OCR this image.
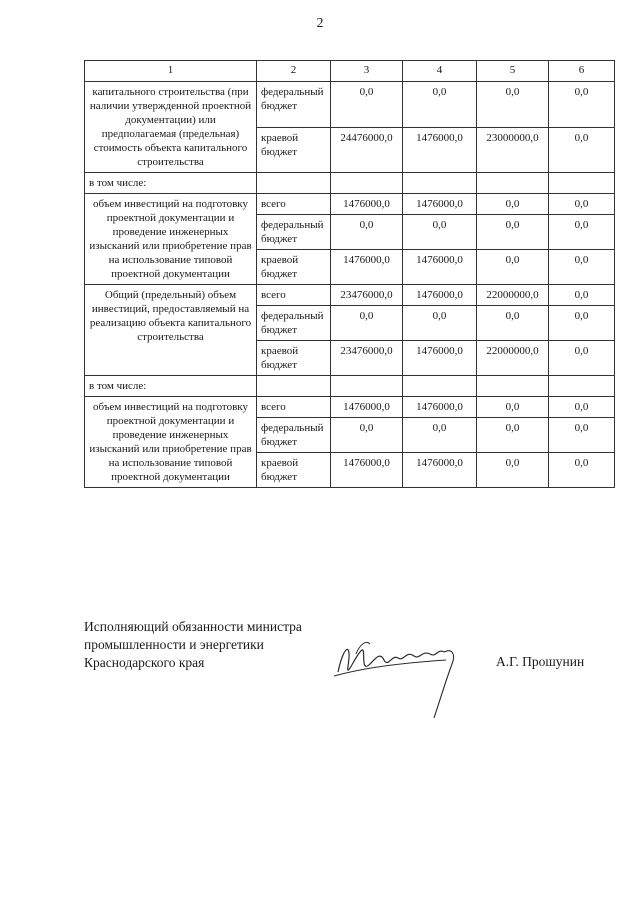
2
1	2	3	4	5	6
капитального строительства (при наличии утвержденной проектной документации) или предполагаемая (предельная) стоимость объекта капитального строительства	федеральный бюджет	0,0	0,0	0,0	0,0
	краевой бюджет	24476000,0	1476000,0	23000000,0	0,0
в том числе:					
объем инвестиций на подготовку проектной документации и проведение инженерных изысканий или приобретение прав на использование типовой проектной документации	всего	1476000,0	1476000,0	0,0	0,0
	федеральный бюджет	0,0	0,0	0,0	0,0
	краевой бюджет	1476000,0	1476000,0	0,0	0,0
Общий (предельный) объем инвестиций, предоставляемый на реализацию объекта капитального строительства	всего	23476000,0	1476000,0	22000000,0	0,0
	федеральный бюджет	0,0	0,0	0,0	0,0
	краевой бюджет	23476000,0	1476000,0	22000000,0	0,0
в том числе:					
объем инвестиций на подготовку проектной документации и проведение инженерных изысканий или приобретение прав на использование типовой проектной документации	всего	1476000,0	1476000,0	0,0	0,0
	федеральный бюджет	0,0	0,0	0,0	0,0
	краевой бюджет	1476000,0	1476000,0	0,0	0,0
Исполняющий обязанности министра
промышленности и энергетики
Краснодарского края	А.Г. Прошунин
